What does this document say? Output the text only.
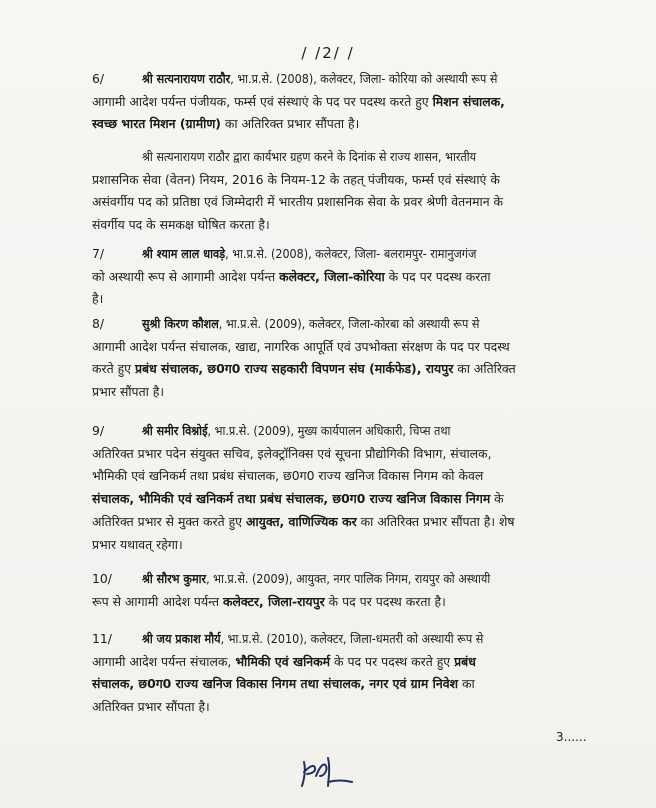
/ /2/ /
6/	श्री सत्यनारायण राठौर, भा.प्र.से. (2008), कलेक्टर, जिला- कोरिया को अस्थायी रूप से
आगामी आदेश पर्यन्त पंजीयक, फर्म्स एवं संस्थाएं के पद पर पदस्थ करते हुए मिशन संचालक,
स्वच्छ भारत मिशन (ग्रामीण) का अतिरिक्त प्रभार सौंपता है।
श्री सत्यनारायण राठौर द्वारा कार्यभार ग्रहण करने के दिनांक से राज्य शासन, भारतीय
प्रशासनिक सेवा (वेतन) नियम, 2016 के नियम-12 के तहत् पंजीयक, फर्म्स एवं संस्थाएं के
असंवर्गीय पद को प्रतिष्ठा एवं जिम्मेदारी में भारतीय प्रशासनिक सेवा के प्रवर श्रेणी वेतनमान के
संवर्गीय पद के समकक्ष घोषित करता है।
7/	श्री श्याम लाल धावड़े, भा.प्र.से. (2008), कलेक्टर, जिला- बलरामपुर- रामानुजगंज
को अस्थायी रूप से आगामी आदेश पर्यन्त कलेक्टर, जिला-कोरिया के पद पर पदस्थ करता
है।
8/	सुश्री किरण कौशल, भा.प्र.से. (2009), कलेक्टर, जिला-कोरबा को अस्थायी रूप से
आगामी आदेश पर्यन्त संचालक, खाद्य, नागरिक आपूर्ति एवं उपभोक्ता संरक्षण के पद पर पदस्थ
करते हुए प्रबंध संचालक, छ0ग0 राज्य सहकारी विपणन संघ (मार्कफेड), रायपुर का अतिरिक्त
प्रभार सौंपता है।
9/	श्री समीर विश्नोई, भा.प्र.से. (2009), मुख्य कार्यपालन अधिकारी, चिप्स तथा
अतिरिक्त प्रभार पदेन संयुक्त सचिव, इलेक्ट्रॉनिक्स एवं सूचना प्रौद्योगिकी विभाग, संचालक,
भौमिकी एवं खनिकर्म तथा प्रबंध संचालक, छ0ग0 राज्य खनिज विकास निगम को केवल
संचालक, भौमिकी एवं खनिकर्म तथा प्रबंध संचालक, छ0ग0 राज्य खनिज विकास निगम के
अतिरिक्त प्रभार से मुक्त करते हुए आयुक्त, वाणिज्यिक कर का अतिरिक्त प्रभार सौंपता है। शेष
प्रभार यथावत् रहेगा।
10/ श्री सौरभ कुमार, भा.प्र.से. (2009), आयुक्त, नगर पालिक निगम, रायपुर को अस्थायी
रूप से आगामी आदेश पर्यन्त कलेक्टर, जिला-रायपुर के पद पर पदस्थ करता है।
11/ श्री जय प्रकाश मौर्य, भा.प्र.से. (2010), कलेक्टर, जिला-धमतरी को अस्थायी रूप से
आगामी आदेश पर्यन्त संचालक, भौमिकी एवं खनिकर्म के पद पर पदस्थ करते हुए प्रबंध
संचालक, छ0ग0 राज्य खनिज विकास निगम तथा संचालक, नगर एवं ग्राम निवेश का
अतिरिक्त प्रभार सौंपता है।
3......
